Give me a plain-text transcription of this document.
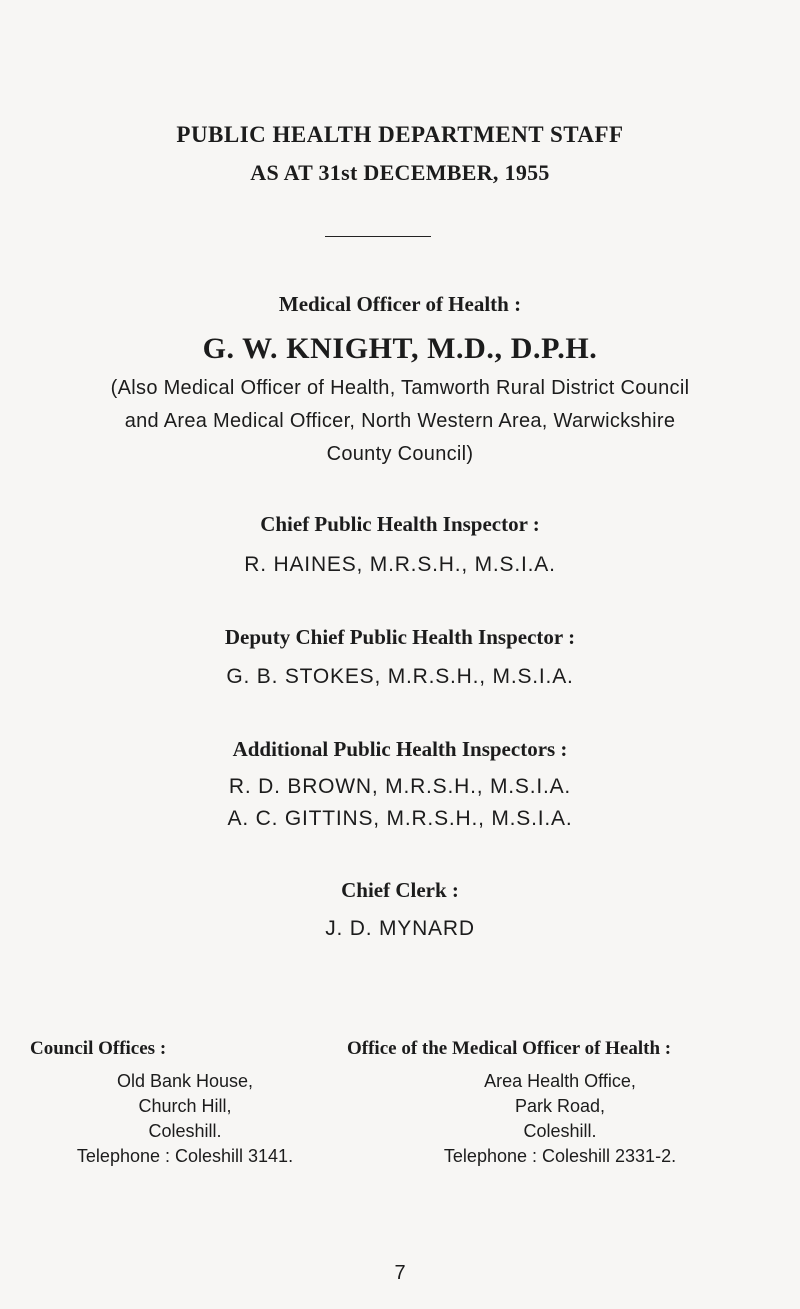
PUBLIC HEALTH DEPARTMENT STAFF
AS AT 31st DECEMBER, 1955
Medical Officer of Health :
G. W. KNIGHT, M.D., D.P.H.
(Also Medical Officer of Health, Tamworth Rural District Council
and Area Medical Officer, North Western Area, Warwickshire
County Council)
Chief Public Health Inspector :
R. HAINES, M.R.S.H., M.S.I.A.
Deputy Chief Public Health Inspector :
G. B. STOKES, M.R.S.H., M.S.I.A.
Additional Public Health Inspectors :
R. D. BROWN, M.R.S.H., M.S.I.A.
A. C. GITTINS, M.R.S.H., M.S.I.A.
Chief Clerk :
J. D. MYNARD
Council Offices :
Old Bank House,
Church Hill,
Coleshill.
Telephone : Coleshill 3141.
Office of the Medical Officer of Health :
Area Health Office,
Park Road,
Coleshill.
Telephone : Coleshill 2331-2.
7
